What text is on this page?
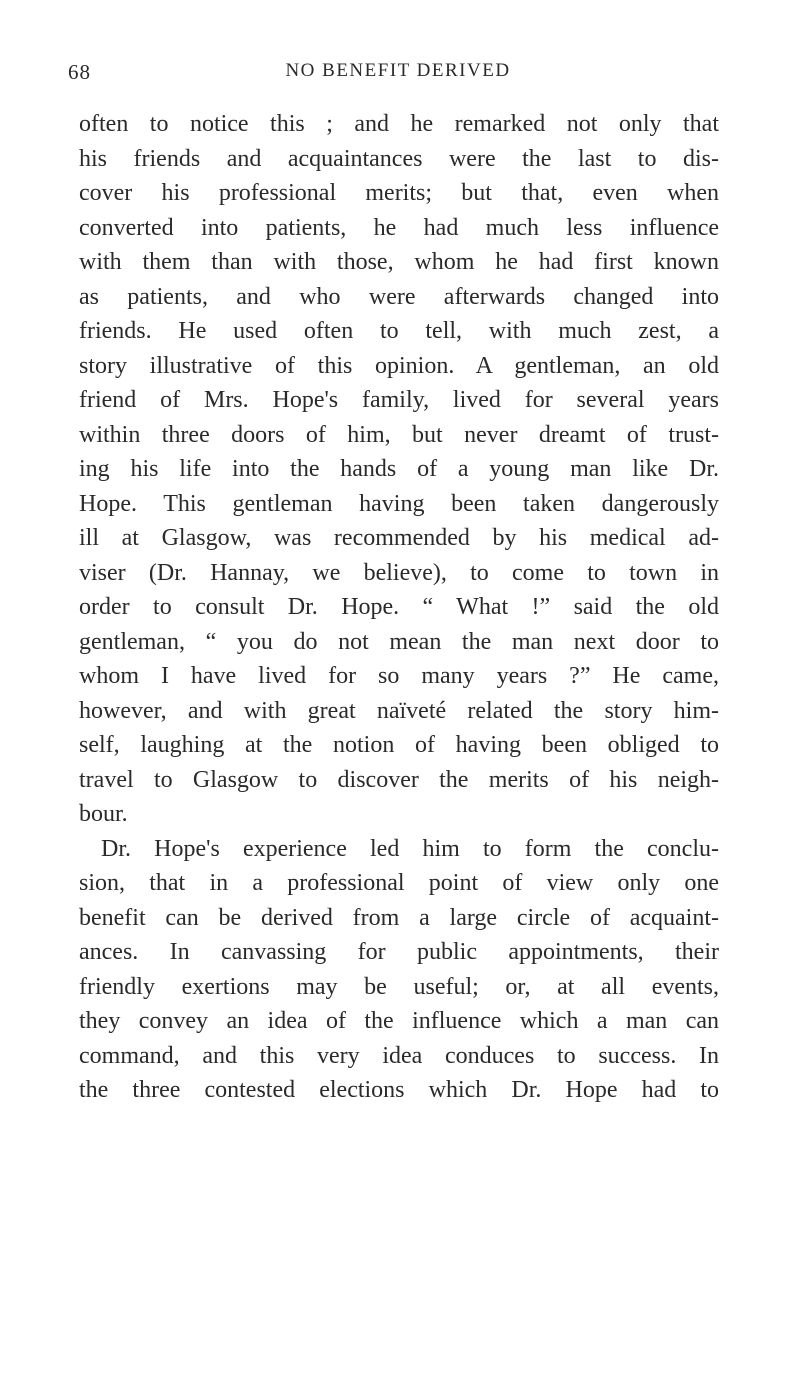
68	NO BENEFIT DERIVED
often to notice this ; and he remarked not only that
his friends and acquaintances were the last to dis-
cover his professional merits; but that, even when
converted into patients, he had much less influence
with them than with those, whom he had first known
as patients, and who were afterwards changed into
friends. He used often to tell, with much zest, a
story illustrative of this opinion. A gentleman, an old
friend of Mrs. Hope's family, lived for several years
within three doors of him, but never dreamt of trust-
ing his life into the hands of a young man like Dr.
Hope. This gentleman having been taken dangerously
ill at Glasgow, was recommended by his medical ad-
viser (Dr. Hannay, we believe), to come to town in
order to consult Dr. Hope. “ What !” said the old
gentleman, “ you do not mean the man next door to
whom I have lived for so many years ?” He came,
however, and with great naïveté related the story him-
self, laughing at the notion of having been obliged to
travel to Glasgow to discover the merits of his neigh-
bour.
Dr. Hope's experience led him to form the conclu-
sion, that in a professional point of view only one
benefit can be derived from a large circle of acquaint-
ances. In canvassing for public appointments, their
friendly exertions may be useful; or, at all events,
they convey an idea of the influence which a man can
command, and this very idea conduces to success. In
the three contested elections which Dr. Hope had to
